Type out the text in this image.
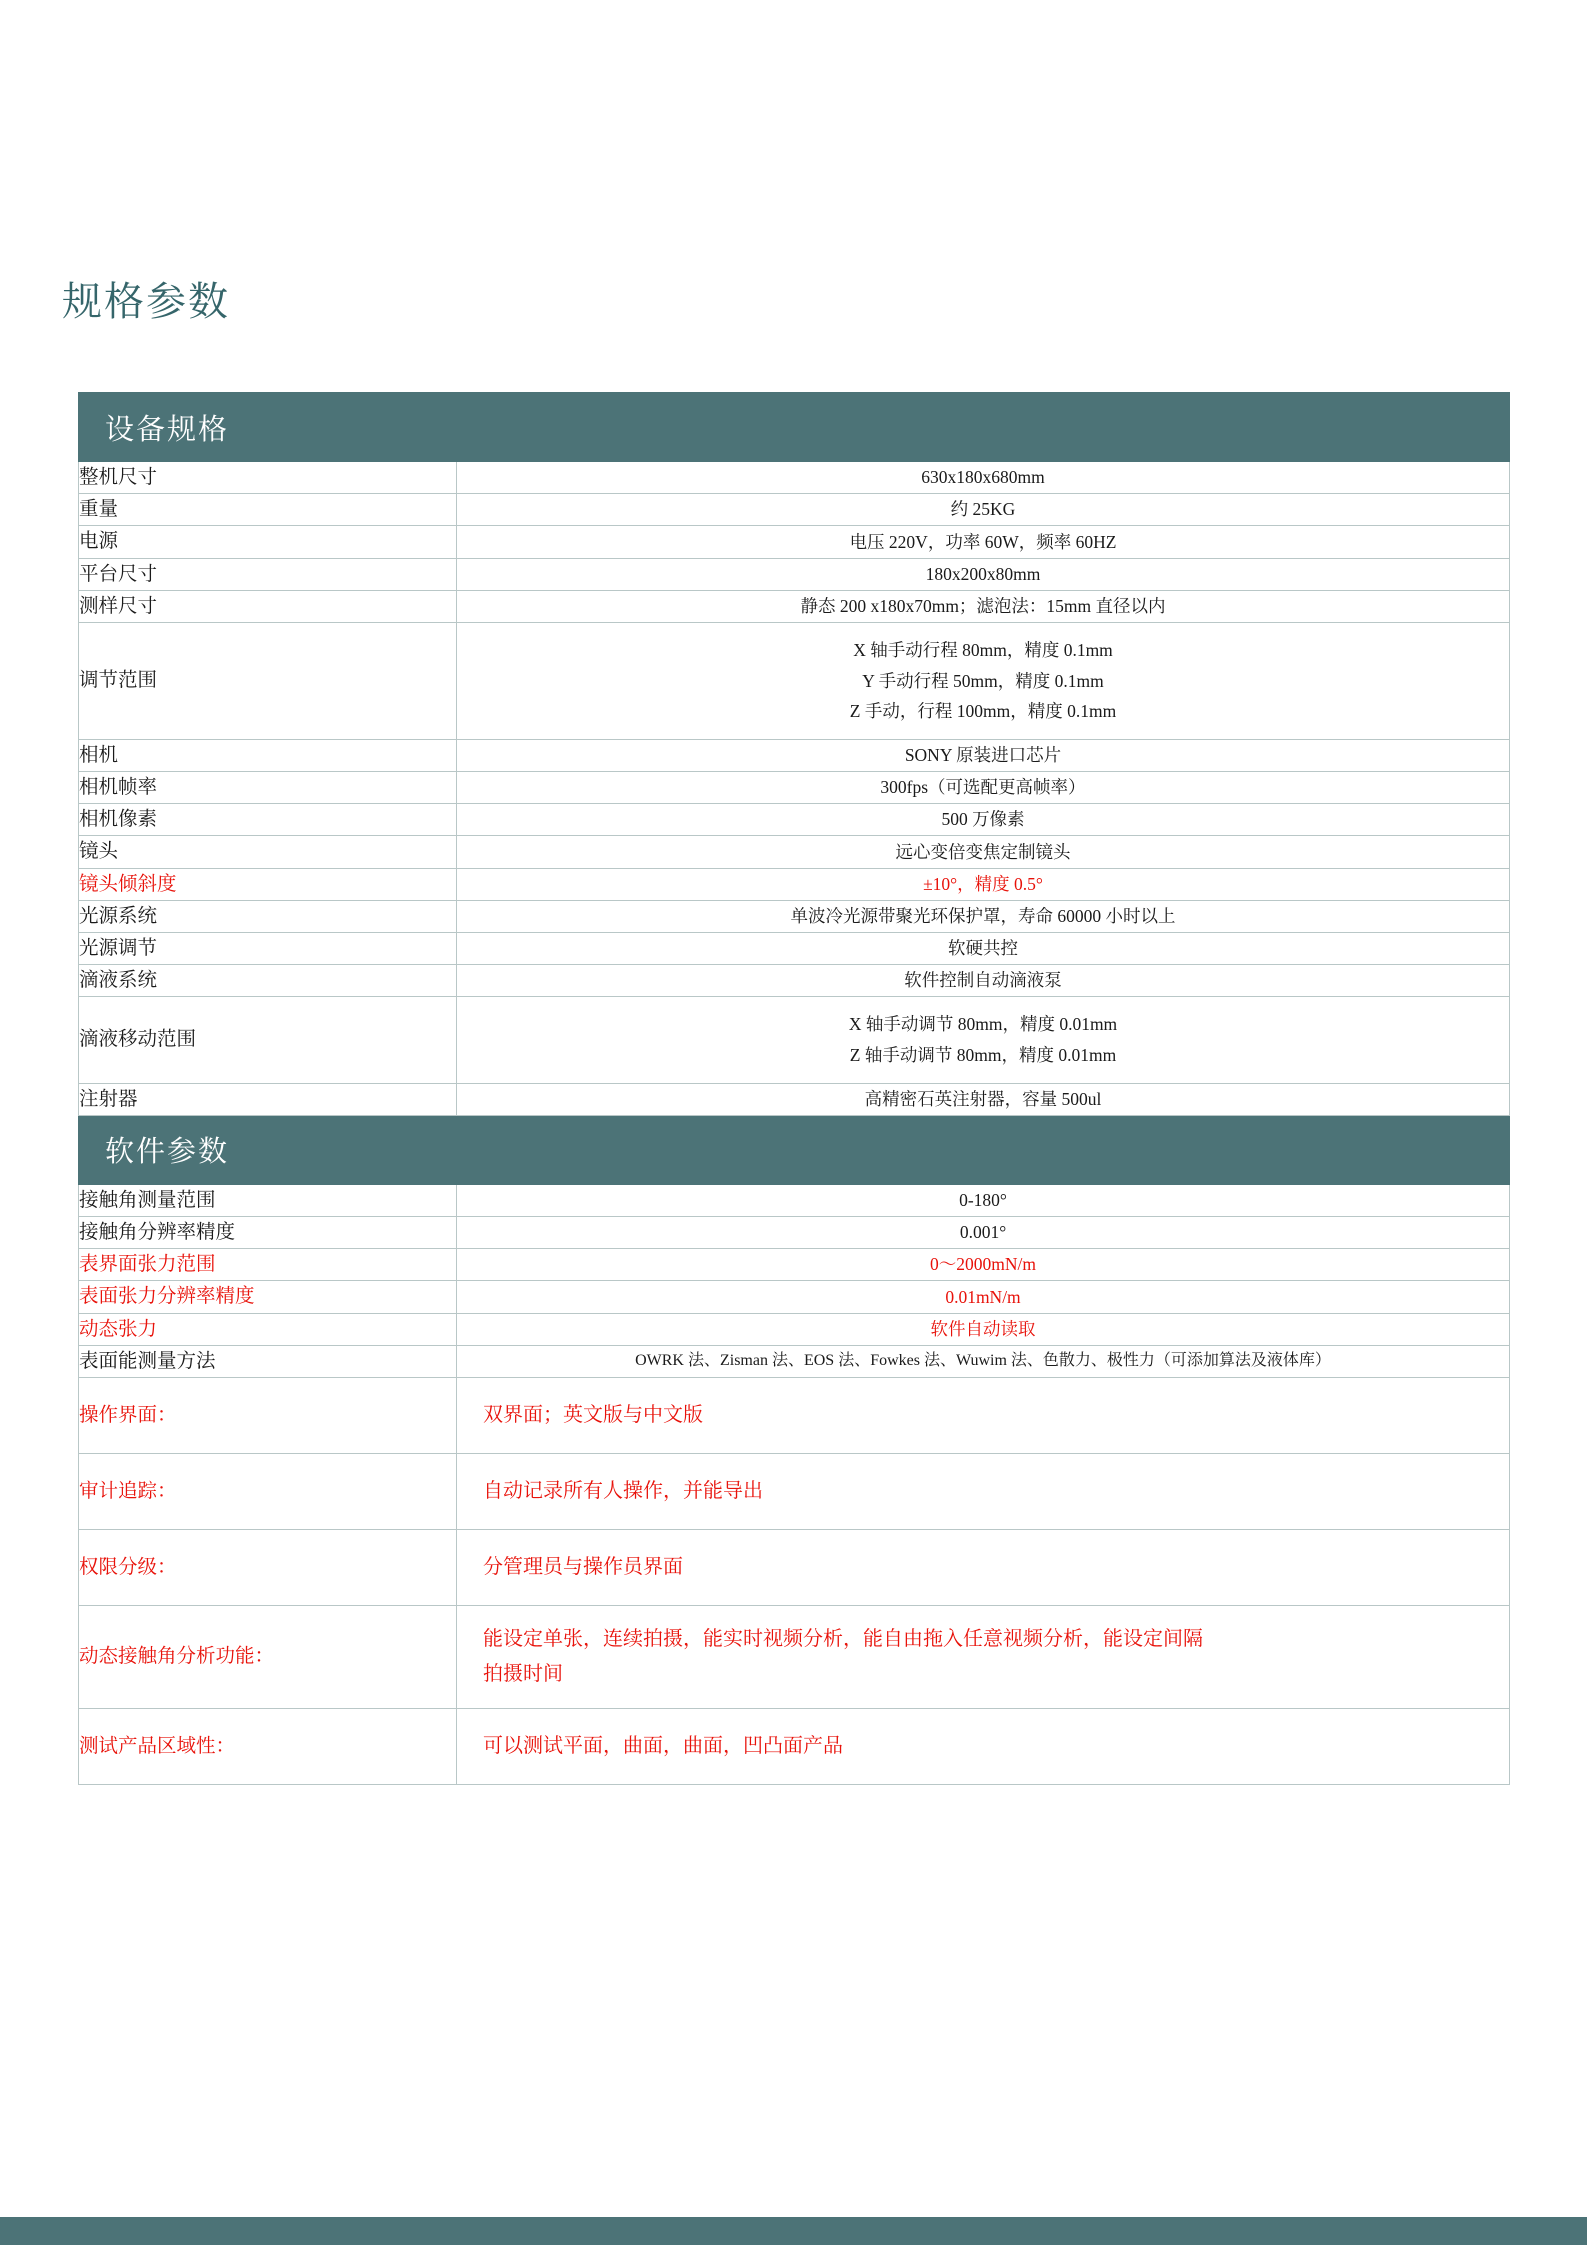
规格参数
设备规格	
整机尺寸	630x180x680mm
重量	约 25KG
电源	电压 220V，功率 60W，频率 60HZ
平台尺寸	180x200x80mm
测样尺寸	静态 200 x180x70mm；滤泡法：15mm 直径以内
调节范围	X 轴手动行程 80mm，精度 0.1mm
Y 手动行程 50mm，精度 0.1mm
Z 手动，行程 100mm，精度 0.1mm

相机	SONY 原装进口芯片
相机帧率	300fps（可选配更高帧率）
相机像素	500 万像素
镜头	远心变倍变焦定制镜头
镜头倾斜度	±10°，精度 0.5°
光源系统	单波冷光源带聚光环保护罩，寿命 60000 小时以上
光源调节	软硬共控
滴液系统	软件控制自动滴液泵
滴液移动范围	X 轴手动调节 80mm，精度 0.01mm
Z 轴手动调节 80mm，精度 0.01mm

注射器	高精密石英注射器，容量 500ul
软件参数	
接触角测量范围	0-180°
接触角分辨率精度	0.001°
表界面张力范围	0～2000mN/m
表面张力分辨率精度	0.01mN/m
动态张力	软件自动读取
表面能测量方法	OWRK 法、Zisman 法、EOS 法、Fowkes 法、Wuwim 法、色散力、极性力（可添加算法及液体库）
操作界面：	双界面；英文版与中文版
审计追踪：	自动记录所有人操作，并能导出
权限分级：	分管理员与操作员界面
动态接触角分析功能：	能设定单张，连续拍摄，能实时视频分析，能自由拖入任意视频分析，能设定间隔
拍摄时间

测试产品区域性：	可以测试平面，曲面，曲面，凹凸面产品
